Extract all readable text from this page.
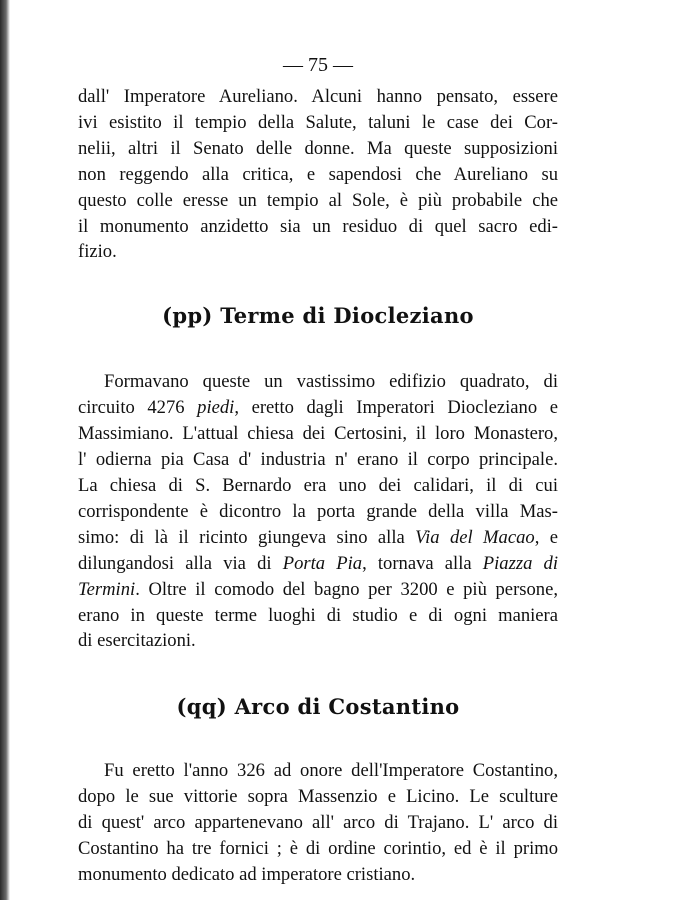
— 75 —

dall' Imperatore Aureliano. Alcuni hanno pensato, essere
ivi esistito il tempio della Salute, taluni le case dei Cor-
nelii, altri il Senato delle donne. Ma queste supposizioni
non reggendo alla critica, e sapendosi che Aureliano su
questo colle eresse un tempio al Sole, è più probabile che
il monumento anzidetto sia un residuo di quel sacro edi-
fizio.

(pp) Terme di Diocleziano

Formavano queste un vastissimo edifizio quadrato, di
circuito 4276 piedi, eretto dagli Imperatori Diocleziano e
Massimiano. L'attual chiesa dei Certosini, il loro Monastero,
l' odierna pia Casa d' industria n' erano il corpo principale.
La chiesa di S. Bernardo era uno dei calidari, il di cui
corrispondente è dicontro la porta grande della villa Mas-
simo: di là il ricinto giungeva sino alla Via del Macao, e
dilungandosi alla via di Porta Pia, tornava alla Piazza di
Termini. Oltre il comodo del bagno per 3200 e più persone,
erano in queste terme luoghi di studio e di ogni maniera
di esercitazioni.

(qq) Arco di Costantino

Fu eretto l'anno 326 ad onore dell'Imperatore Costantino,
dopo le sue vittorie sopra Massenzio e Licino. Le sculture
di quest' arco appartenevano all' arco di Trajano. L' arco di
Costantino ha tre fornici ; è di ordine corintio, ed è il primo
monumento dedicato ad imperatore cristiano.
